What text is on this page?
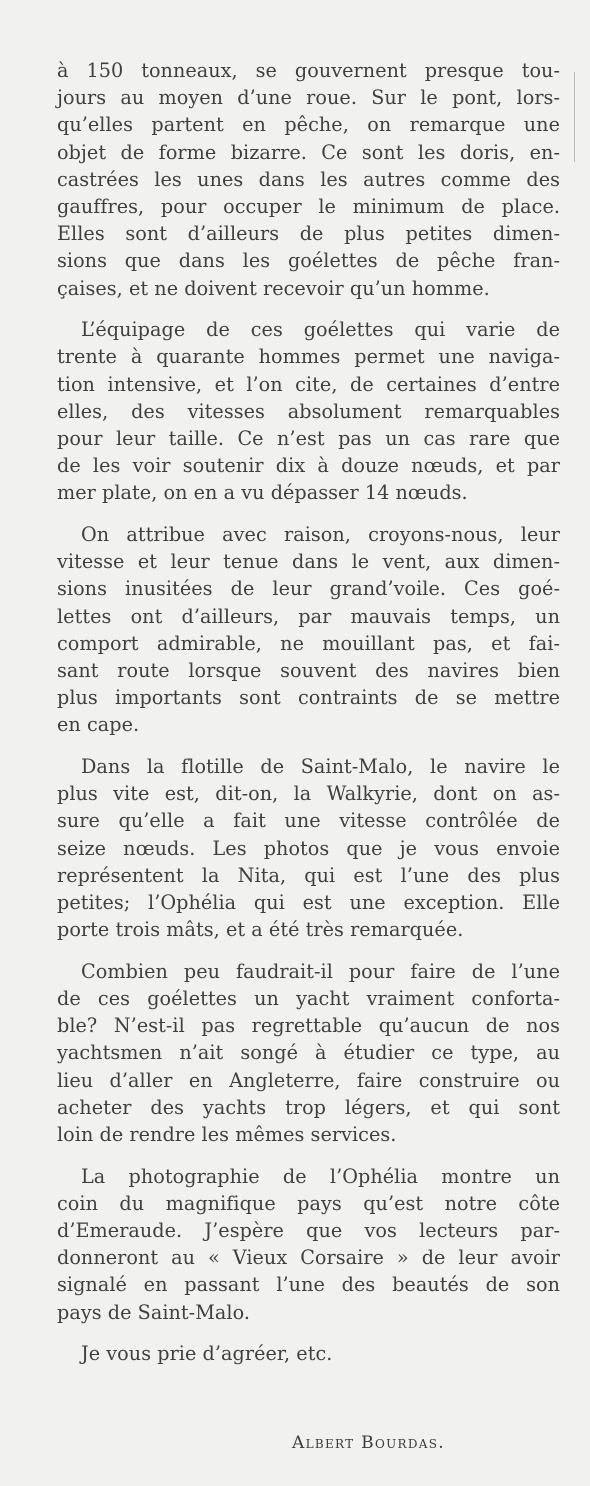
à 150 tonneaux, se gouvernent presque tou-
jours au moyen d’une roue. Sur le pont, lors-
qu’elles partent en pêche, on remarque une
objet de forme bizarre. Ce sont les doris, en-
castrées les unes dans les autres comme des
gauffres, pour occuper le minimum de place.
Elles sont d’ailleurs de plus petites dimen-
sions que dans les goélettes de pêche fran-
çaises, et ne doivent recevoir qu’un homme.
L’équipage de ces goélettes qui varie de
trente à quarante hommes permet une naviga-
tion intensive, et l’on cite, de certaines d’entre
elles, des vitesses absolument remarquables
pour leur taille. Ce n’est pas un cas rare que
de les voir soutenir dix à douze nœuds, et par
mer plate, on en a vu dépasser 14 nœuds.
On attribue avec raison, croyons-nous, leur
vitesse et leur tenue dans le vent, aux dimen-
sions inusitées de leur grand’voile. Ces goé-
lettes ont d’ailleurs, par mauvais temps, un
comport admirable, ne mouillant pas, et fai-
sant route lorsque souvent des navires bien
plus importants sont contraints de se mettre
en cape.
Dans la flotille de Saint-Malo, le navire le
plus vite est, dit-on, la Walkyrie, dont on as-
sure qu’elle a fait une vitesse contrôlée de
seize nœuds. Les photos que je vous envoie
représentent la Nita, qui est l’une des plus
petites; l’Ophélia qui est une exception. Elle
porte trois mâts, et a été très remarquée.
Combien peu faudrait-il pour faire de l’une
de ces goélettes un yacht vraiment conforta-
ble? N’est-il pas regrettable qu’aucun de nos
yachtsmen n’ait songé à étudier ce type, au
lieu d’aller en Angleterre, faire construire ou
acheter des yachts trop légers, et qui sont
loin de rendre les mêmes services.
La photographie de l’Ophélia montre un
coin du magnifique pays qu’est notre côte
d’Emeraude. J’espère que vos lecteurs par-
donneront au « Vieux Corsaire » de leur avoir
signalé en passant l’une des beautés de son
pays de Saint-Malo.
Je vous prie d’agréer, etc.
Albert Bourdas.
